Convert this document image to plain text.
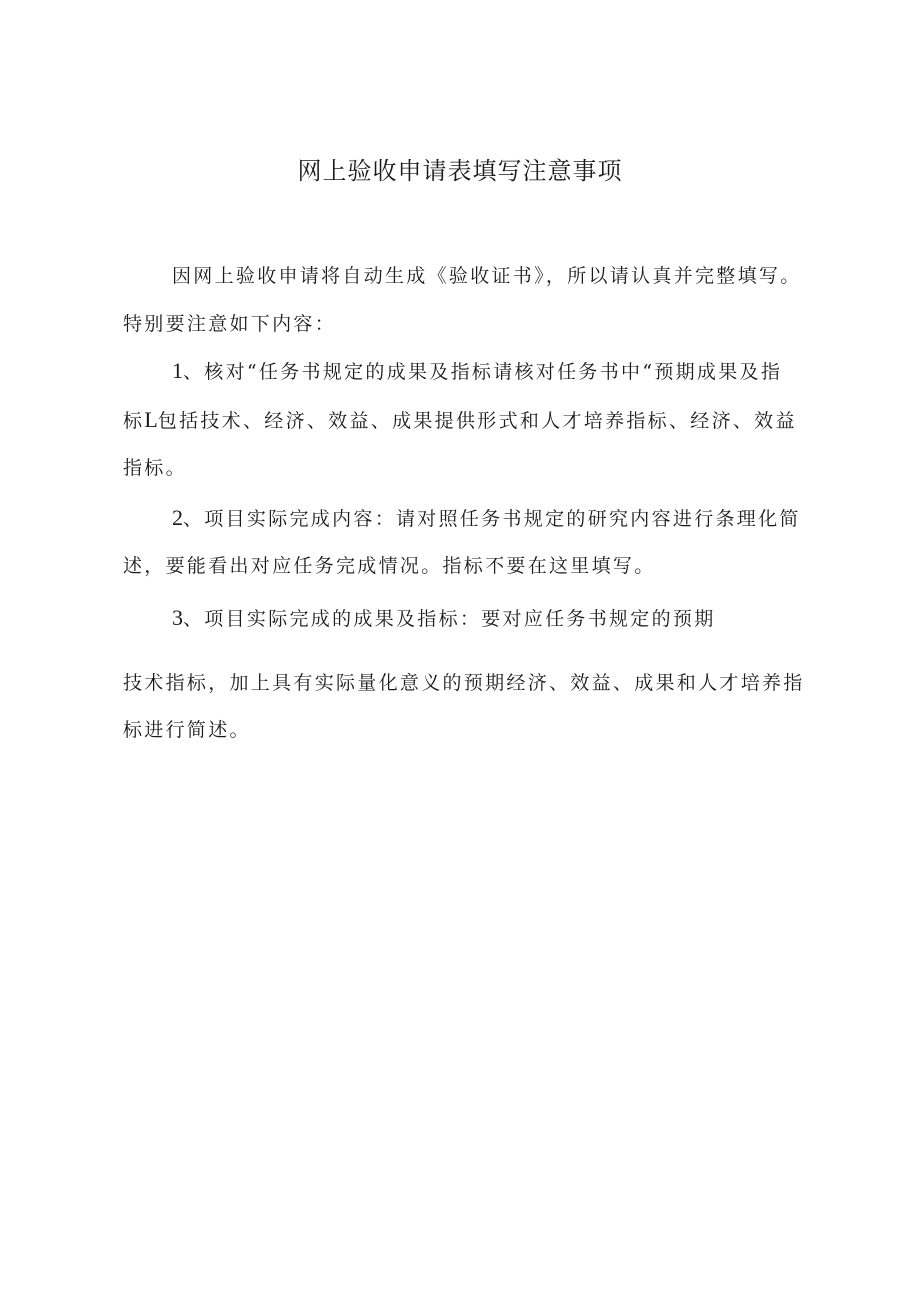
网上验收申请表填写注意事项
因网上验收申请将自动生成《验收证书》，所以请认真并完整填写。
特别要注意如下内容：
1、核对“任务书规定的成果及指标请核对任务书中“预期成果及指
标L包括技术、经济、效益、成果提供形式和人才培养指标、经济、效益
指标。
2、项目实际完成内容：请对照任务书规定的研究内容进行条理化简
述，要能看出对应任务完成情况。指标不要在这里填写。
3、项目实际完成的成果及指标：要对应任务书规定的预期
技术指标，加上具有实际量化意义的预期经济、效益、成果和人才培养指
标进行简述。
